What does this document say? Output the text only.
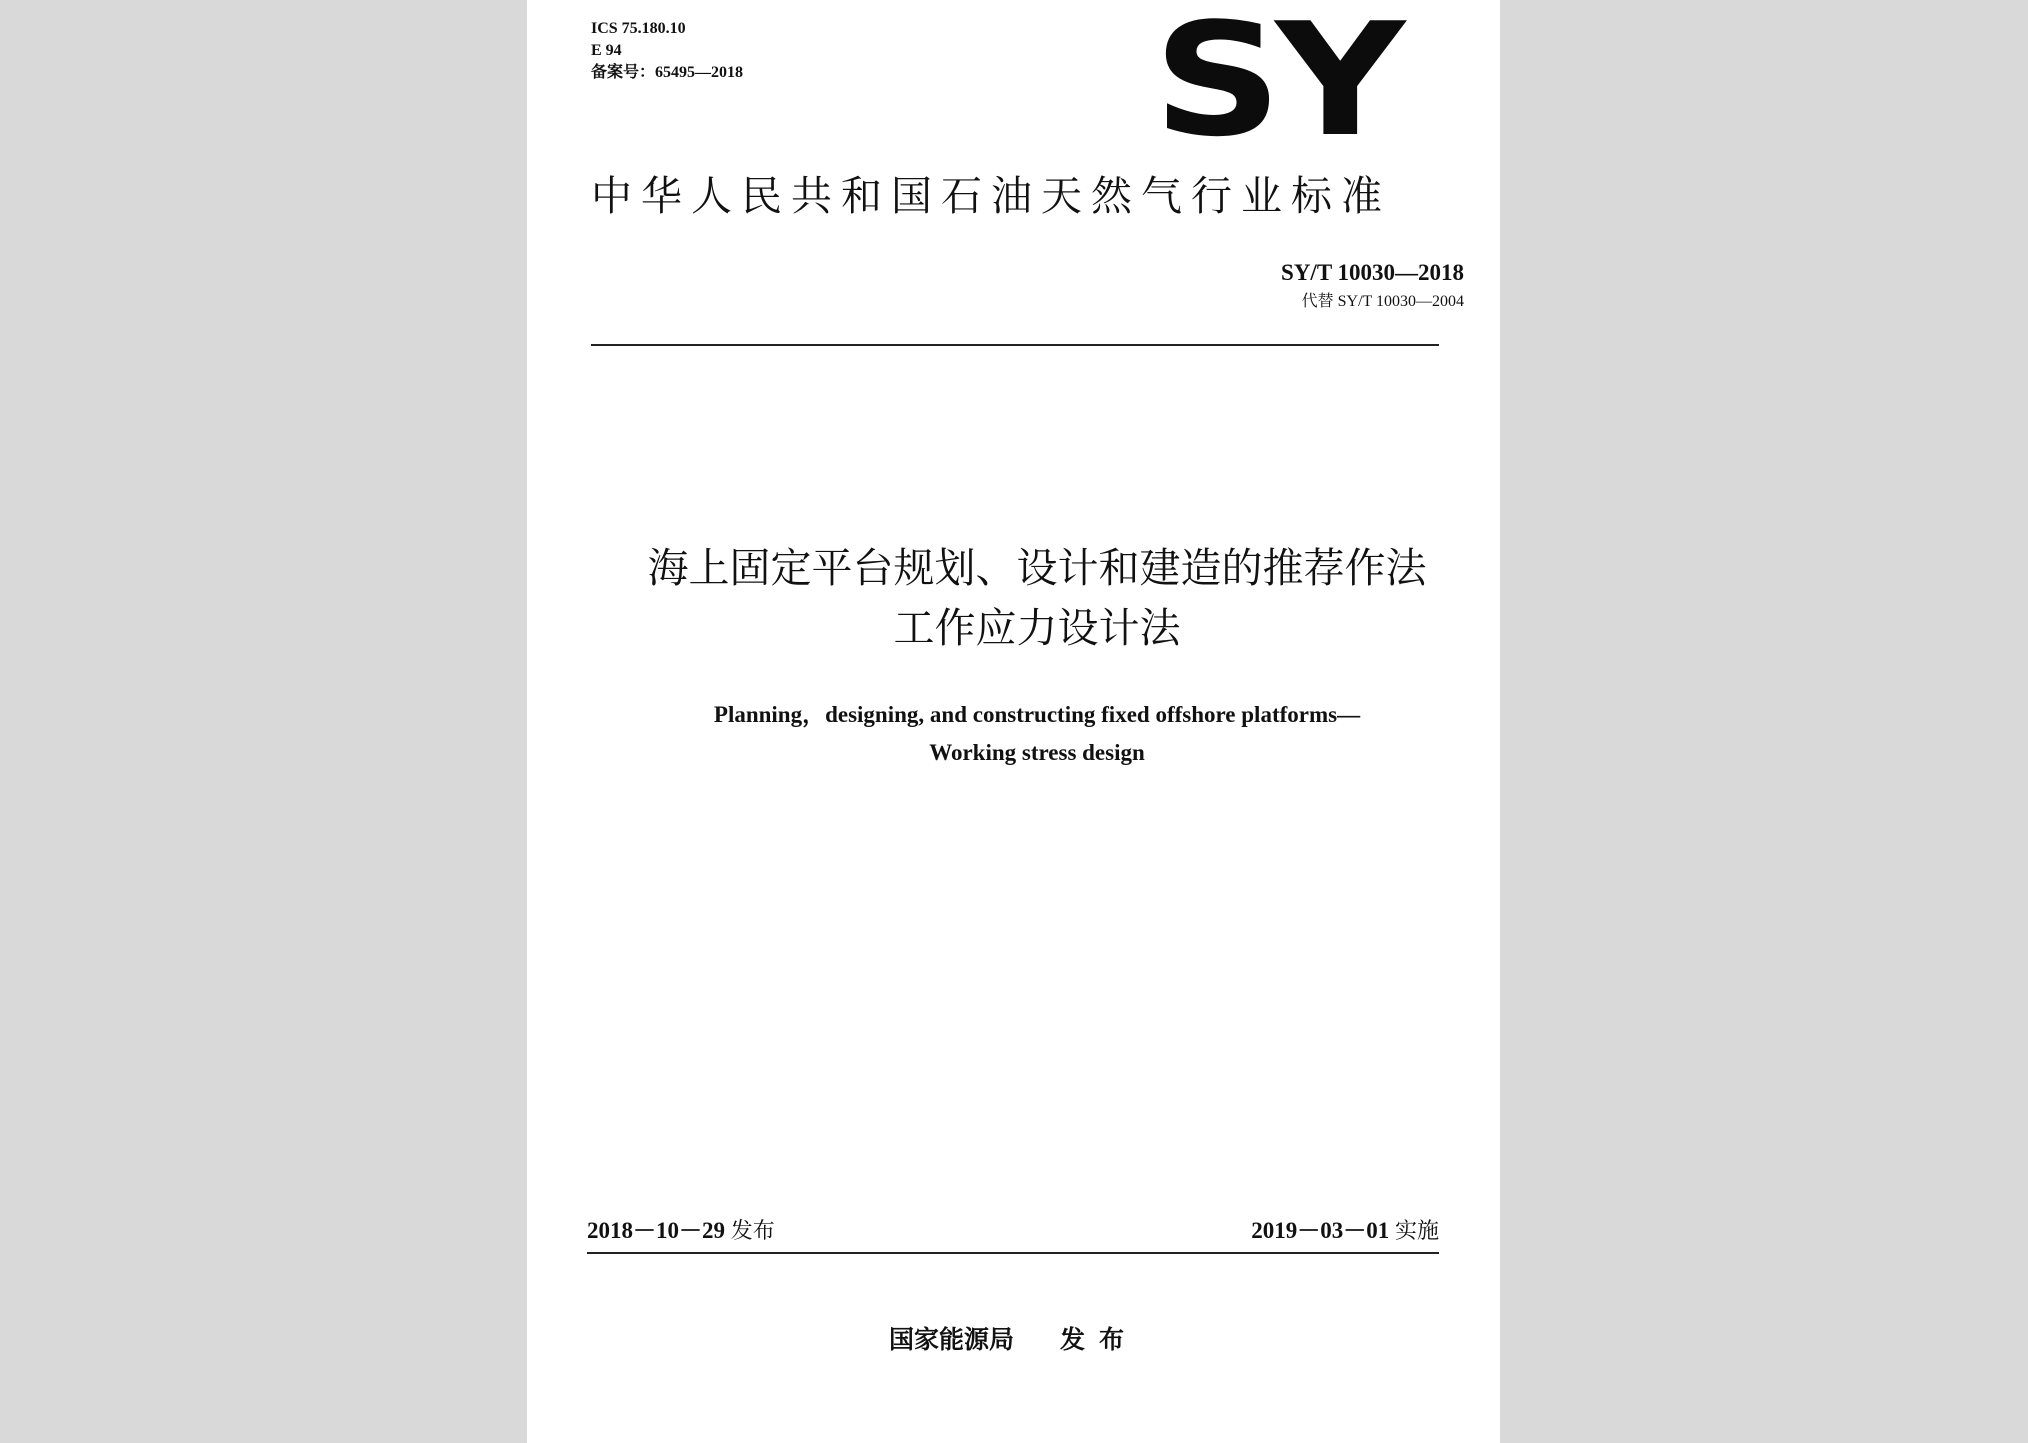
ICS 75.180.10
E 94
备案号：65495—2018	SY
中华人民共和国石油天然气行业标准
SY/T 10030—2018
代替 SY/T 10030—2004
海上固定平台规划、设计和建造的推荐作法
工作应力设计法
Planning，designing, and constructing fixed offshore platforms—
Working stress design
2018－10－29 发布	2019－03－01 实施
国家能源局 发布
